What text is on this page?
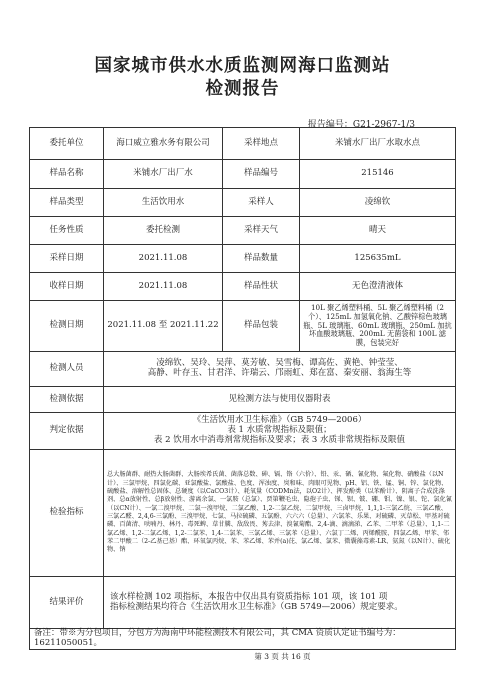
国家城市供水水质监测网海口监测站
检测报告
报告编号：G21-2967-1/3
委托单位	海口威立雅水务有限公司	采样地点	米铺水厂出厂水取水点
样品名称	米铺水厂出厂水	样品编号	215146
样品类型	生活饮用水	采样人	凌绵钦
任务性质	委托检测	采样天气	晴天
采样日期	2021.11.08	样品数量	125635mL
收样日期	2021.11.08	样品性状	无色澄清液体
检测日期	2021.11.08 至 2021.11.22	样品包装	10L 聚乙烯塑料桶、5L 聚乙烯塑料桶（2 个）、125mL 加氢氧化钠、乙酸锌棕色玻璃瓶、5L 玻璃瓶、60mL 玻璃瓶、250mL 加抗坏血酸玻璃瓶、200mL 无菌袋和 100L 滤膜，包装完好
检测人员	凌绵钦、吴玲、吴萍、莫芳敏、吴雪梅、谭高佐、黄艳、钟莹莹、
高静、叶存玉、甘君洋、许瑞云、邝雨虹、郑在富、秦安丽、翁海生等		

检测依据	见检测方法与使用仪器附表		
判定依据	《生活饮用水卫生标准》（GB 5749—2006）
表 1 水质常规指标及限值；
表 2 饮用水中消毒剂常规指标及要求；表 3 水质非常规指标及限值		

检验指标	总大肠菌群、耐热大肠菌群、大肠埃希氏菌、菌落总数、砷、镉、铬（六价）、铅、汞、硒、氰化物、氟化物、硝酸盐（以N计）、三氯甲烷、四氯化碳、亚氯酸盐、氯酸盐、色度、浑浊度、臭和味、肉眼可见物、pH、铝、铁、锰、铜、锌、氯化物、硫酸盐、溶解性总固体、总硬度（以CaCO3计）、耗氧量（CODMn法，以O2计）、挥发酚类（以苯酚计）、阴离子合成洗涤剂、总α放射性、总β放射性、游离余氯、一氯胺（总氯）、贾第鞭毛虫、隐孢子虫、锑、钡、铍、硼、钼、镍、银、铊、氯化氰（以CN计）、一氯二溴甲烷、二氯一溴甲烷、二氯乙酸、1,2-二氯乙烷、二氯甲烷、三卤甲烷、1,1,1-三氯乙烷、三氯乙酸、三氯乙醛、2,4,6-三氯酚、三溴甲烷、七氯、马拉硫磷、五氯酚、六六六（总量）、六氯苯、乐果、对硫磷、灭草松、甲基对硫磷、百菌清、呋喃丹、林丹、毒死蜱、草甘膦、敌敌畏、莠去津、溴氰菊酯、2,4-滴、滴滴涕、乙苯、二甲苯（总量）、1,1-二氯乙烯、1,2-二氯乙烯、1,2-二氯苯、1,4-二氯苯、三氯乙烯、三氯苯（总量）、六氯丁二烯、丙烯酰胺、四氯乙烯、甲苯、邻苯二甲酸二（2-乙基己基）酯、环氧氯丙烷、苯、苯乙烯、苯并(a)芘、氯乙烯、氯苯、微囊藻毒素-LR、氨氮（以N计）、硫化物、钠		
结果评价	该水样检测 102 项指标，本报告中仅出具有资质指标 101 项，该 101 项
指标检测结果均符合《生活饮用水卫生标准》（GB 5749—2006）规定要求。		

备注：带※为分包项目，分包方为海南中环能检测技术有限公司，其 CMA 资质认定证书编号为：16211050051。			
第 3 页 共 16 页
